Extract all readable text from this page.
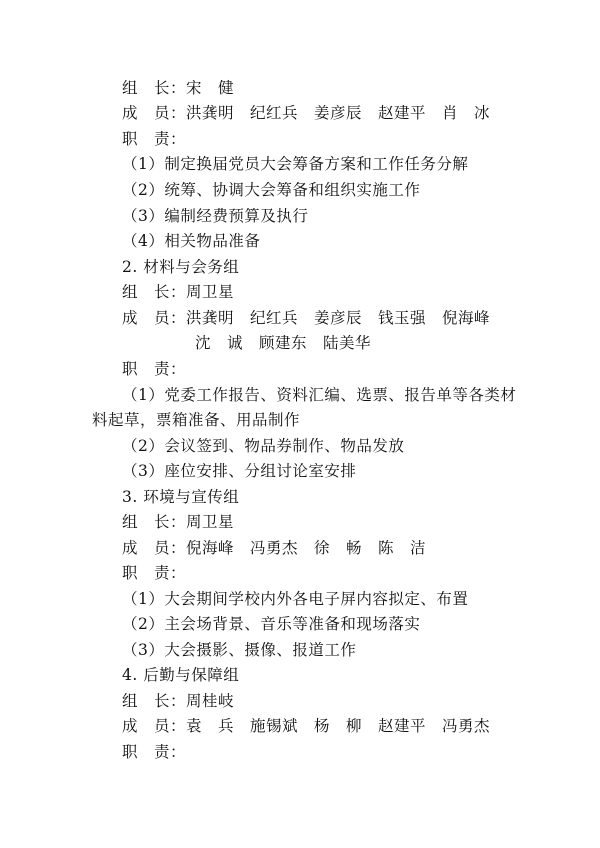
组　长：宋　健
成　员：洪龚明　纪红兵　姜彦辰　赵建平　肖　冰
职　责：
（1）制定换届党员大会筹备方案和工作任务分解
（2）统筹、协调大会筹备和组织实施工作
（3）编制经费预算及执行
（4）相关物品准备
2. 材料与会务组
组　长：周卫星
成　员：洪龚明　纪红兵　姜彦辰　钱玉强　倪海峰
沈　诚　顾建东　陆美华
职　责：
（1）党委工作报告、资料汇编、选票、报告单等各类材
料起草，票箱准备、用品制作
（2）会议签到、物品券制作、物品发放
（3）座位安排、分组讨论室安排
3. 环境与宣传组
组　长：周卫星
成　员：倪海峰　冯勇杰　徐　畅　陈　洁
职　责：
（1）大会期间学校内外各电子屏内容拟定、布置
（2）主会场背景、音乐等准备和现场落实
（3）大会摄影、摄像、报道工作
4. 后勤与保障组
组　长：周桂岐
成　员：袁　兵　施锡斌　杨　柳　赵建平　冯勇杰
职　责：
